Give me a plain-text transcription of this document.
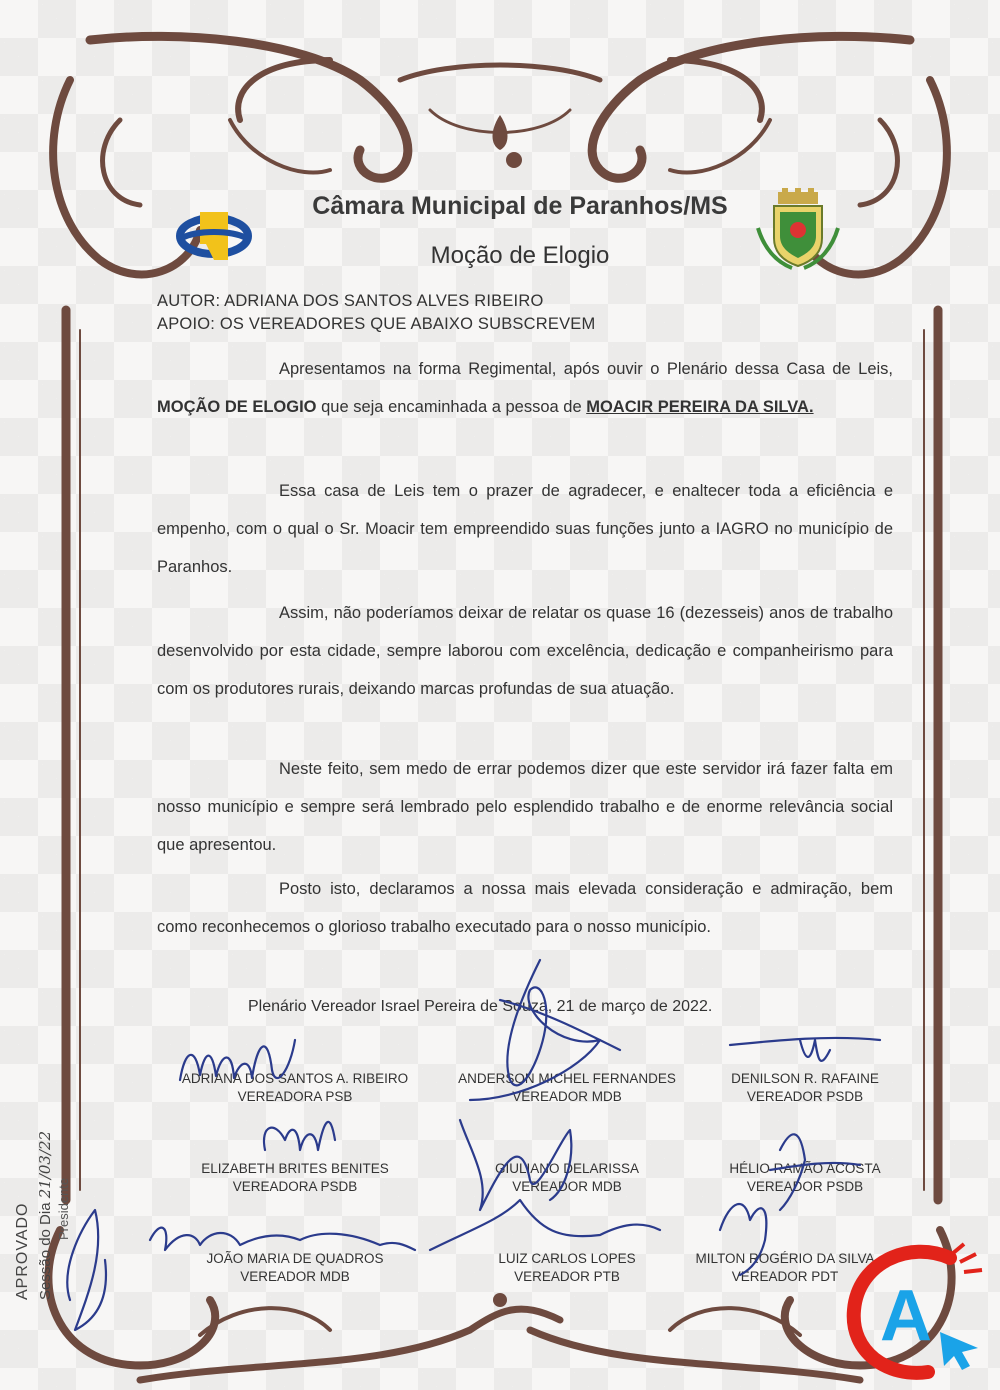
Câmara Municipal de Paranhos/MS
Moção de Elogio
AUTOR: ADRIANA DOS SANTOS ALVES RIBEIRO
APOIO: OS VEREADORES QUE ABAIXO SUBSCREVEM
Apresentamos na forma Regimental, após ouvir o Plenário dessa Casa de Leis, MOÇÃO DE ELOGIO que seja encaminhada a pessoa de MOACIR PEREIRA DA SILVA.
Essa casa de Leis tem o prazer de agradecer, e enaltecer toda a eficiência e empenho, com o qual o Sr. Moacir tem empreendido suas funções junto a IAGRO no município de Paranhos.
Assim, não poderíamos deixar de relatar os quase 16 (dezesseis) anos de trabalho desenvolvido por esta cidade, sempre laborou com excelência, dedicação e companheirismo para com os produtores rurais, deixando marcas profundas de sua atuação.
Neste feito, sem medo de errar podemos dizer que este servidor irá fazer falta em nosso município e sempre será lembrado pelo esplendido trabalho e de enorme relevância social que apresentou.
Posto isto, declaramos a nossa mais elevada consideração e admiração, bem como reconhecemos o glorioso trabalho executado para o nosso município.
Plenário Vereador Israel Pereira de Souza, 21 de março de 2022.
ADRIANA DOS SANTOS A. RIBEIRO
VEREADORA PSB
ANDERSON MICHEL FERNANDES
VEREADOR MDB
DENILSON R. RAFAINE
VEREADOR PSDB
ELIZABETH BRITES BENITES
VEREADORA PSDB
GIULIANO DELARISSA
VEREADOR MDB
HÉLIO RAMÃO ACOSTA
VEREADOR PSDB
JOÃO MARIA DE QUADROS
VEREADOR MDB
LUIZ CARLOS LOPES
VEREADOR PTB
MILTON ROGÉRIO DA SILVA
VEREADOR PDT
APROVADO Sessão do Dia 21/03/22
Presidente
A
